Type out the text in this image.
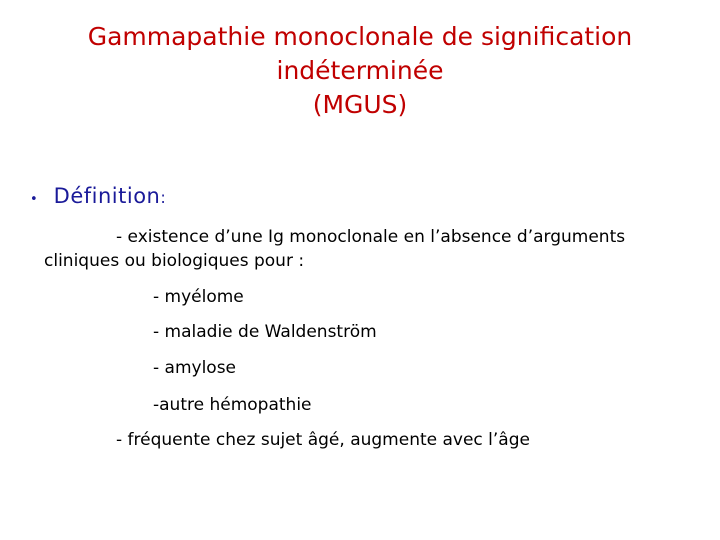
Gammapathie monoclonale de signification
indéterminée
(MGUS)
• Définition :
- existence d’une Ig monoclonale en l’absence d’arguments
cliniques ou biologiques pour :
- myélome
- maladie de Waldenström
- amylose
-autre hémopathie
- fréquente chez sujet âgé, augmente avec l’âge
